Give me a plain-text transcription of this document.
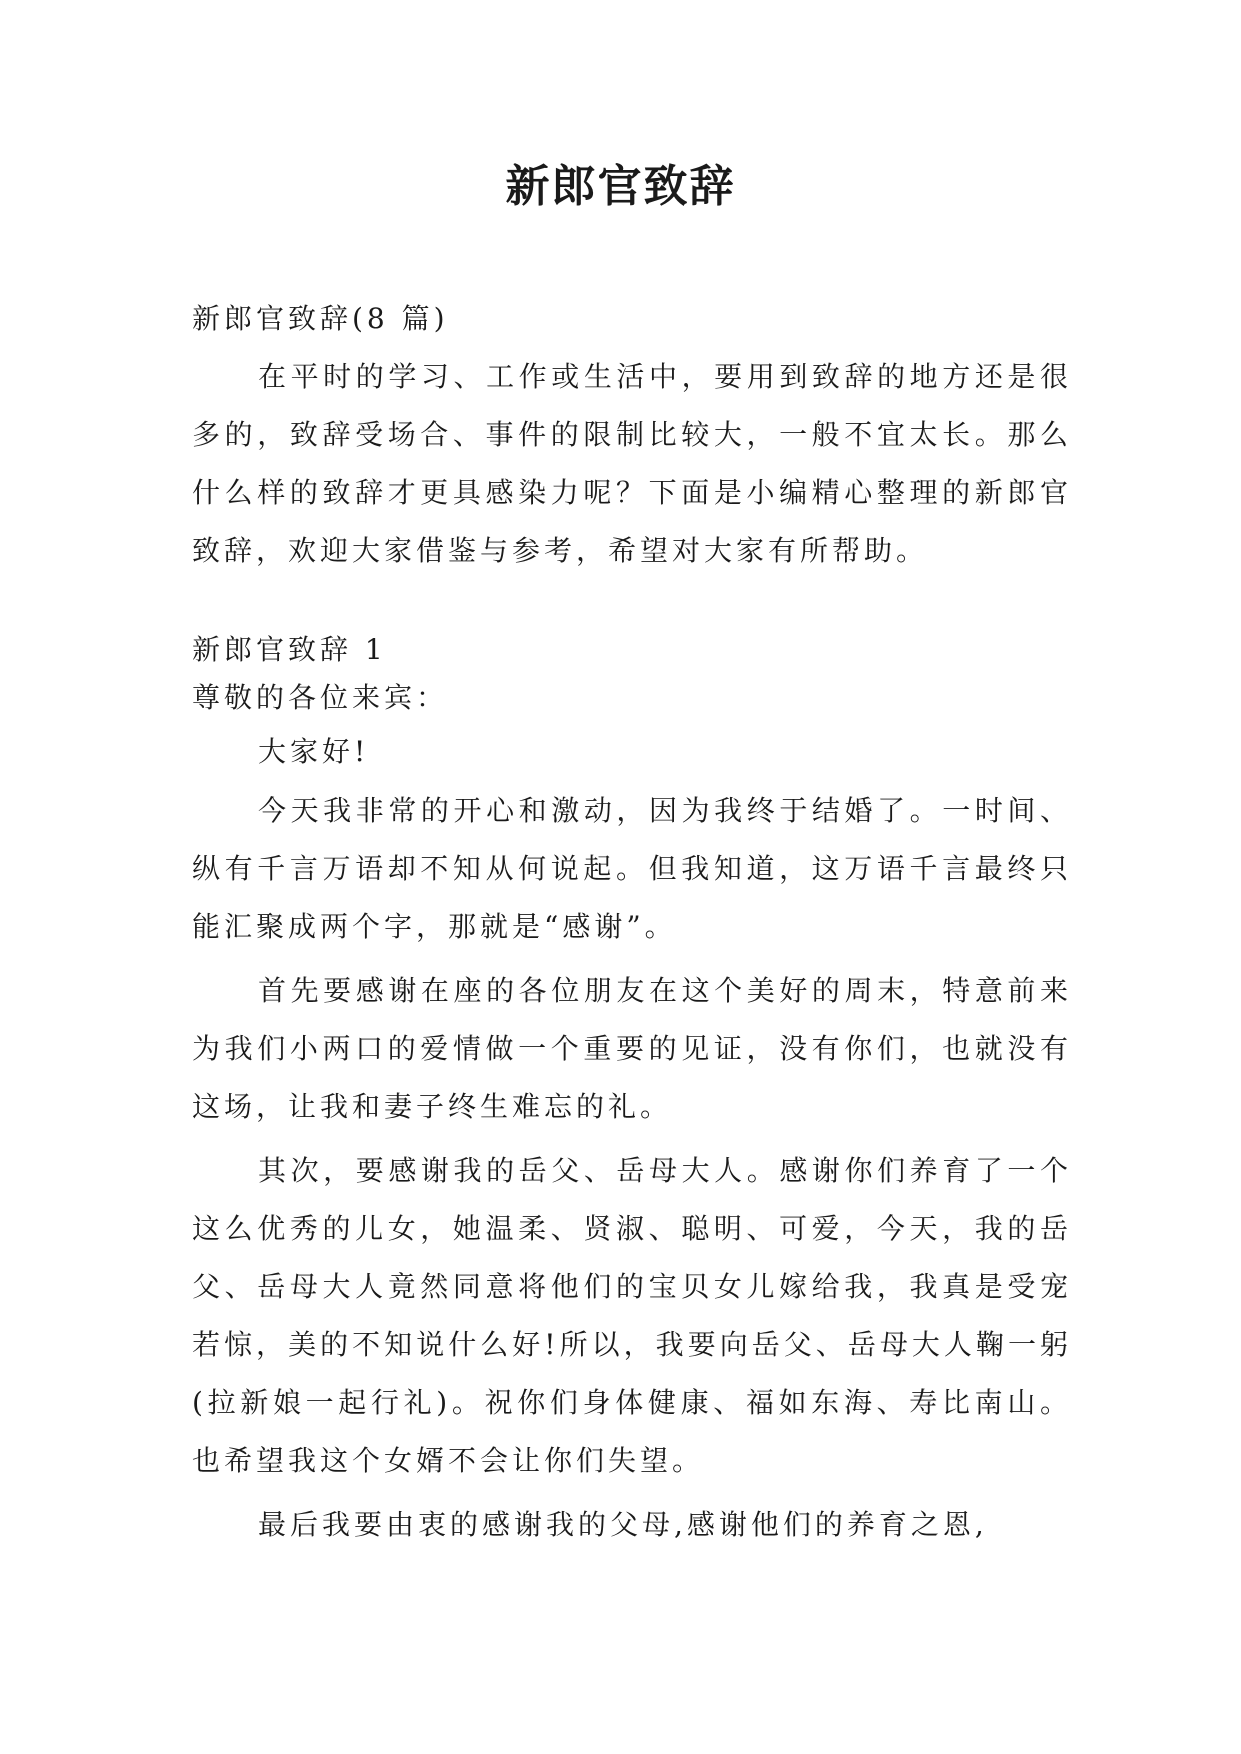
新郎官致辞

新郎官致辞(8 篇)

在平时的学习、工作或生活中，要用到致辞的地方还是很多的，致辞受场合、事件的限制比较大，一般不宜太长。那么什么样的致辞才更具感染力呢？下面是小编精心整理的新郎官致辞，欢迎大家借鉴与参考，希望对大家有所帮助。

新郎官致辞 1

尊敬的各位来宾：

大家好!

今天我非常的开心和激动，因为我终于结婚了。一时间、纵有千言万语却不知从何说起。但我知道，这万语千言最终只能汇聚成两个字，那就是“感谢”。

首先要感谢在座的各位朋友在这个美好的周末，特意前来为我们小两口的爱情做一个重要的见证，没有你们，也就没有这场，让我和妻子终生难忘的礼。

其次，要感谢我的岳父、岳母大人。感谢你们养育了一个这么优秀的儿女，她温柔、贤淑、聪明、可爱，今天，我的岳父、岳母大人竟然同意将他们的宝贝女儿嫁给我，我真是受宠若惊，美的不知说什么好!所以，我要向岳父、岳母大人鞠一躬(拉新娘一起行礼)。祝你们身体健康、福如东海、寿比南山。也希望我这个女婿不会让你们失望。

最后我要由衷的感谢我的父母,感谢他们的养育之恩,
